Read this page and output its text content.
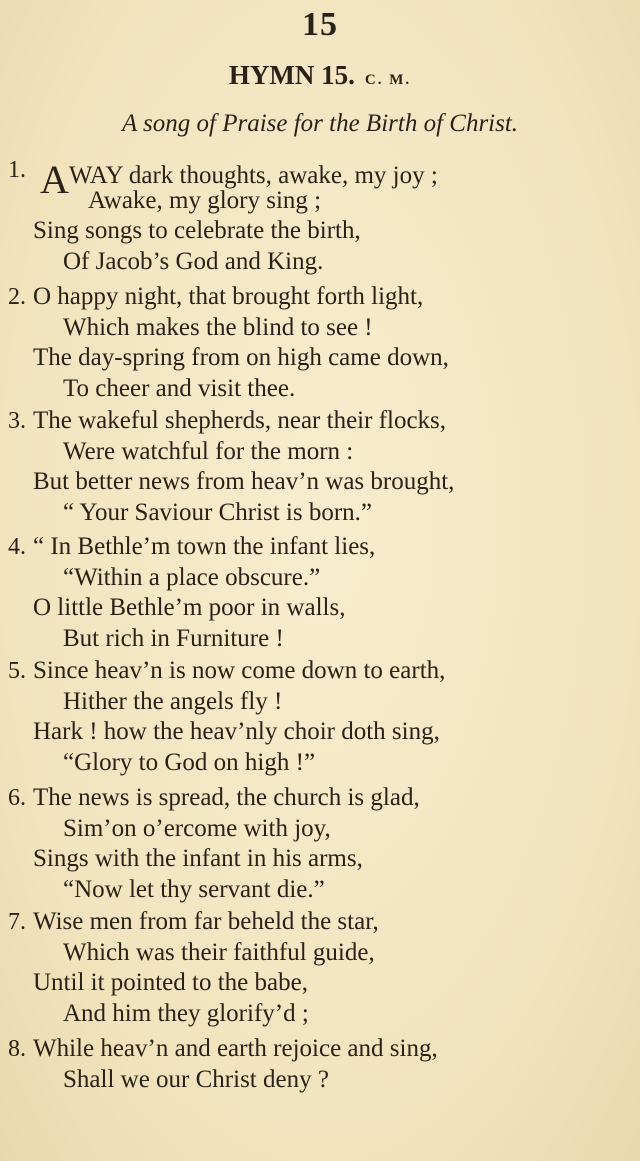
15
HYMN 15. C. M.
A song of Praise for the Birth of Christ.
1. AWAY dark thoughts, awake, my joy ;
Awake, my glory sing ;
Sing songs to celebrate the birth,
Of Jacob’s God and King.
2. O happy night, that brought forth light,
Which makes the blind to see !
The day-spring from on high came down,
To cheer and visit thee.
3. The wakeful shepherds, near their flocks,
Were watchful for the morn :
But better news from heav’n was brought,
“ Your Saviour Christ is born.”
4. “ In Bethle’m town the infant lies,
“Within a place obscure.”
O little Bethle’m poor in walls,
But rich in Furniture !
5. Since heav’n is now come down to earth,
Hither the angels fly !
Hark ! how the heav’nly choir doth sing,
“Glory to God on high !”
6. The news is spread, the church is glad,
Sim’on o’ercome with joy,
Sings with the infant in his arms,
“Now let thy servant die.”
7. Wise men from far beheld the star,
Which was their faithful guide,
Until it pointed to the babe,
And him they glorify’d ;
8. While heav’n and earth rejoice and sing,
Shall we our Christ deny ?
